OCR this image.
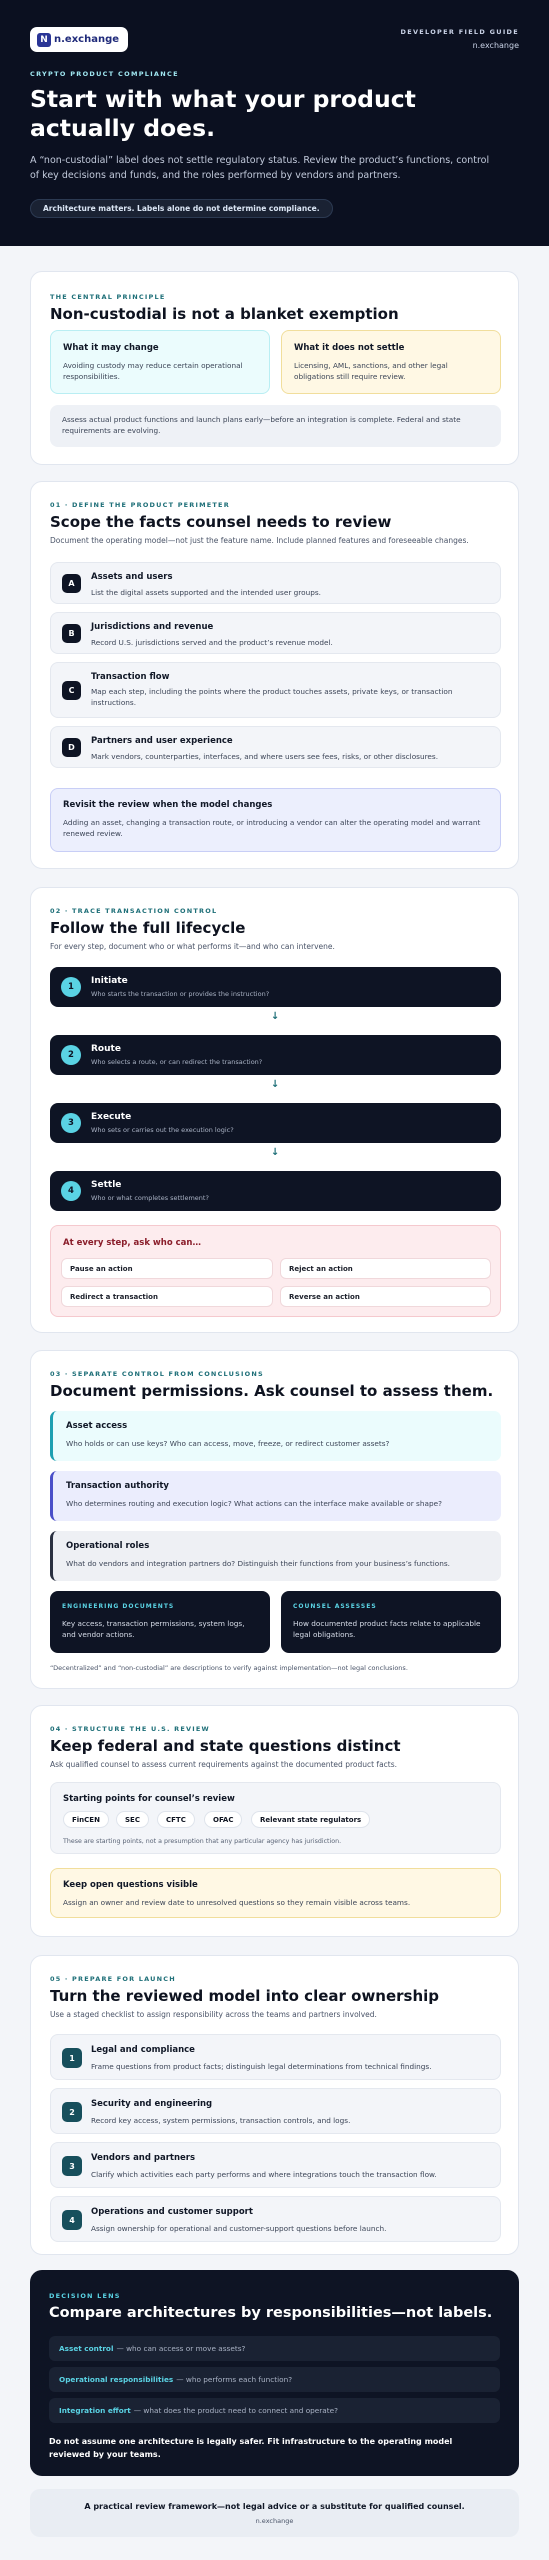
N n.exchange
DEVELOPER FIELD GUIDE
n.exchange
CRYPTO PRODUCT COMPLIANCE
Start with what your product actually does.

A “non-custodial” label does not settle regulatory status. Review the product’s functions, control of key decisions and funds, and the roles performed by vendors and partners.

Architecture matters. Labels alone do not determine compliance.
THE CENTRAL PRINCIPLE
Non-custodial is not a blanket exemption
What it may change
Avoiding custody may reduce certain operational responsibilities.
What it does not settle
Licensing, AML, sanctions, and other legal obligations still require review.
Assess actual product functions and launch plans early—before an integration is complete. Federal and state requirements are evolving.
01 · DEFINE THE PRODUCT PERIMETER
Scope the facts counsel needs to review
Document the operating model—not just the feature name. Include planned features and foreseeable changes.
A
Assets and users
List the digital assets supported and the intended user groups.
B
Jurisdictions and revenue
Record U.S. jurisdictions served and the product’s revenue model.
C
Transaction flow
Map each step, including the points where the product touches assets, private keys, or transaction instructions.
D
Partners and user experience
Mark vendors, counterparties, interfaces, and where users see fees, risks, or other disclosures.
Revisit the review when the model changes
Adding an asset, changing a transaction route, or introducing a vendor can alter the operating model and warrant renewed review.
02 · TRACE TRANSACTION CONTROL
Follow the full lifecycle
For every step, document who or what performs it—and who can intervene.
1
Initiate
Who starts the transaction or provides the instruction?
↓
2
Route
Who selects a route, or can redirect the transaction?
↓
3
Execute
Who sets or carries out the execution logic?
↓
4
Settle
Who or what completes settlement?
At every step, ask who can…
Pause an action	Reject an action
Redirect a transaction	Reverse an action
03 · SEPARATE CONTROL FROM CONCLUSIONS
Document permissions. Ask counsel to assess them.
Asset access
Who holds or can use keys? Who can access, move, freeze, or redirect customer assets?
Transaction authority
Who determines routing and execution logic? What actions can the interface make available or shape?
Operational roles
What do vendors and integration partners do? Distinguish their functions from your business’s functions.
ENGINEERING DOCUMENTS
Key access, transaction permissions, system logs, and vendor actions.
COUNSEL ASSESSES
How documented product facts relate to applicable legal obligations.
“Decentralized” and “non-custodial” are descriptions to verify against implementation—not legal conclusions.
04 · STRUCTURE THE U.S. REVIEW
Keep federal and state questions distinct
Ask qualified counsel to assess current requirements against the documented product facts.
Starting points for counsel’s review
FinCEN	SEC	CFTC	OFAC	Relevant state regulators
These are starting points, not a presumption that any particular agency has jurisdiction.
Keep open questions visible
Assign an owner and review date to unresolved questions so they remain visible across teams.
05 · PREPARE FOR LAUNCH
Turn the reviewed model into clear ownership
Use a staged checklist to assign responsibility across the teams and partners involved.
1
Legal and compliance
Frame questions from product facts; distinguish legal determinations from technical findings.
2
Security and engineering
Record key access, system permissions, transaction controls, and logs.
3
Vendors and partners
Clarify which activities each party performs and where integrations touch the transaction flow.
4
Operations and customer support
Assign ownership for operational and customer-support questions before launch.
DECISION LENS
Compare architectures by responsibilities—not labels.
Asset control — who can access or move assets?
Operational responsibilities — who performs each function?
Integration effort — what does the product need to connect and operate?
Do not assume one architecture is legally safer. Fit infrastructure to the operating model reviewed by your teams.
A practical review framework—not legal advice or a substitute for qualified counsel.
n.exchange
